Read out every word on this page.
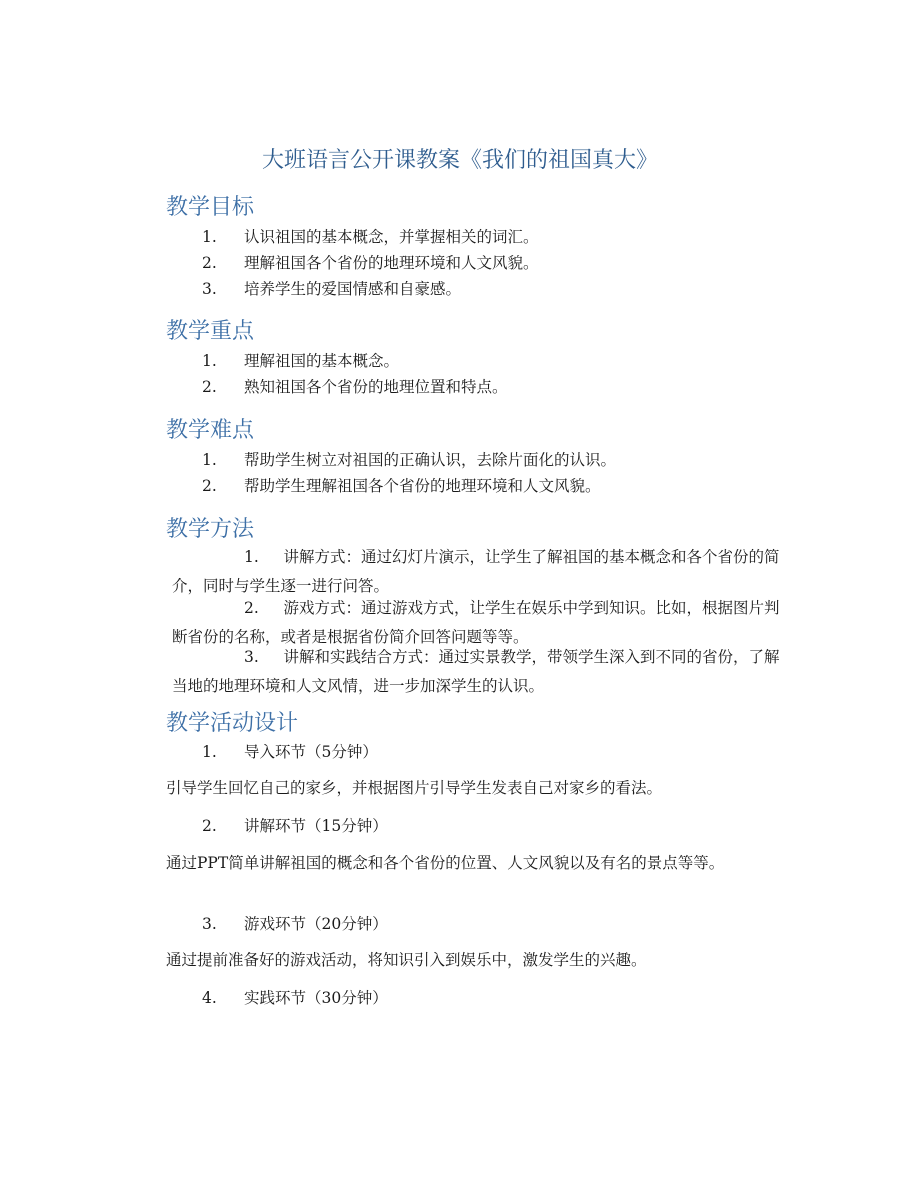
大班语言公开课教案《我们的祖国真大》
教学目标
1. 认识祖国的基本概念，并掌握相关的词汇。
2. 理解祖国各个省份的地理环境和人文风貌。
3. 培养学生的爱国情感和自豪感。
教学重点
1. 理解祖国的基本概念。
2. 熟知祖国各个省份的地理位置和特点。
教学难点
1. 帮助学生树立对祖国的正确认识，去除片面化的认识。
2. 帮助学生理解祖国各个省份的地理环境和人文风貌。
教学方法
1. 讲解方式：通过幻灯片演示，让学生了解祖国的基本概念和各个省份的简介，同时与学生逐一进行问答。
2. 游戏方式：通过游戏方式，让学生在娱乐中学到知识。比如，根据图片判断省份的名称，或者是根据省份简介回答问题等等。
3. 讲解和实践结合方式：通过实景教学，带领学生深入到不同的省份，了解当地的地理环境和人文风情，进一步加深学生的认识。
教学活动设计
1. 导入环节（5分钟）

引导学生回忆自己的家乡，并根据图片引导学生发表自己对家乡的看法。

2. 讲解环节（15分钟）

通过PPT简单讲解祖国的概念和各个省份的位置、人文风貌以及有名的景点等等。

3. 游戏环节（20分钟）

通过提前准备好的游戏活动，将知识引入到娱乐中，激发学生的兴趣。

4. 实践环节（30分钟）
